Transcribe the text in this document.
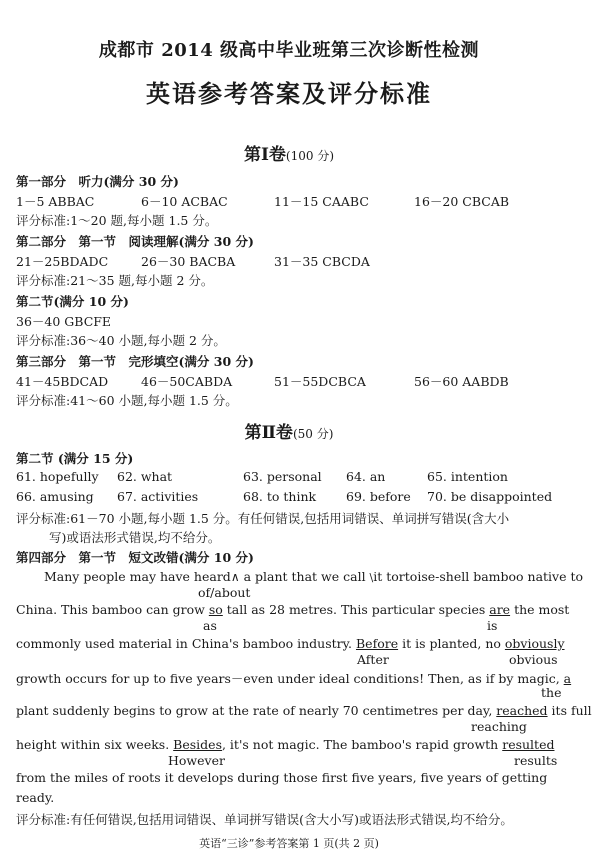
成都市 2014 级高中毕业班第三次诊断性检测
英语参考答案及评分标准
第Ⅰ卷(100 分)
第一部分　听力(满分 30 分)
1－5 ABBAC	6－10 ACBAC	11－15 CAABC	16－20 CBCAB
评分标准:1～20 题,每小题 1.5 分。
第二部分　第一节　阅读理解(满分 30 分)
21－25BDADC	26－30 BACBA	31－35 CBCDA
评分标准:21～35 题,每小题 2 分。
第二节(满分 10 分)
36－40 GBCFE
评分标准:36～40 小题,每小题 2 分。
第三部分　第一节　完形填空(满分 30 分)
41－45BDCAD	46－50CABDA	51－55DCBCA	56－60 AABDB
评分标准:41～60 小题,每小题 1.5 分。
第Ⅱ卷(50 分)
第二节 (满分 15 分)
61. hopefully 62. what	63. personal 64. an	65. intention
66. amusing 67. activities	68. to think 69. before 70. be disappointed
评分标准:61－70 小题,每小题 1.5 分。有任何错误,包括用词错误、单词拼写错误(含大小
写)或语法形式错误,均不给分。
第四部分　第一节　短文改错(满分 10 分)
Many people may have heard∧ a plant that we call \it tortoise-shell bamboo native to
of/about
China. This bamboo can grow so tall as 28 metres. This particular species are the most
as	is
commonly used material in China's bamboo industry. Before it is planted, no obviously
After	obvious
growth occurs for up to five years－even under ideal conditions! Then, as if by magic, a
the
plant suddenly begins to grow at the rate of nearly 70 centimetres per day, reached its full
reaching
height within six weeks. Besides, it's not magic. The bamboo's rapid growth resulted
However	results
from the miles of roots it develops during those first five years, five years of getting
ready.
评分标准:有任何错误,包括用词错误、单词拼写错误(含大小写)或语法形式错误,均不给分。
英语“三诊”参考答案第 1 页(共 2 页)
